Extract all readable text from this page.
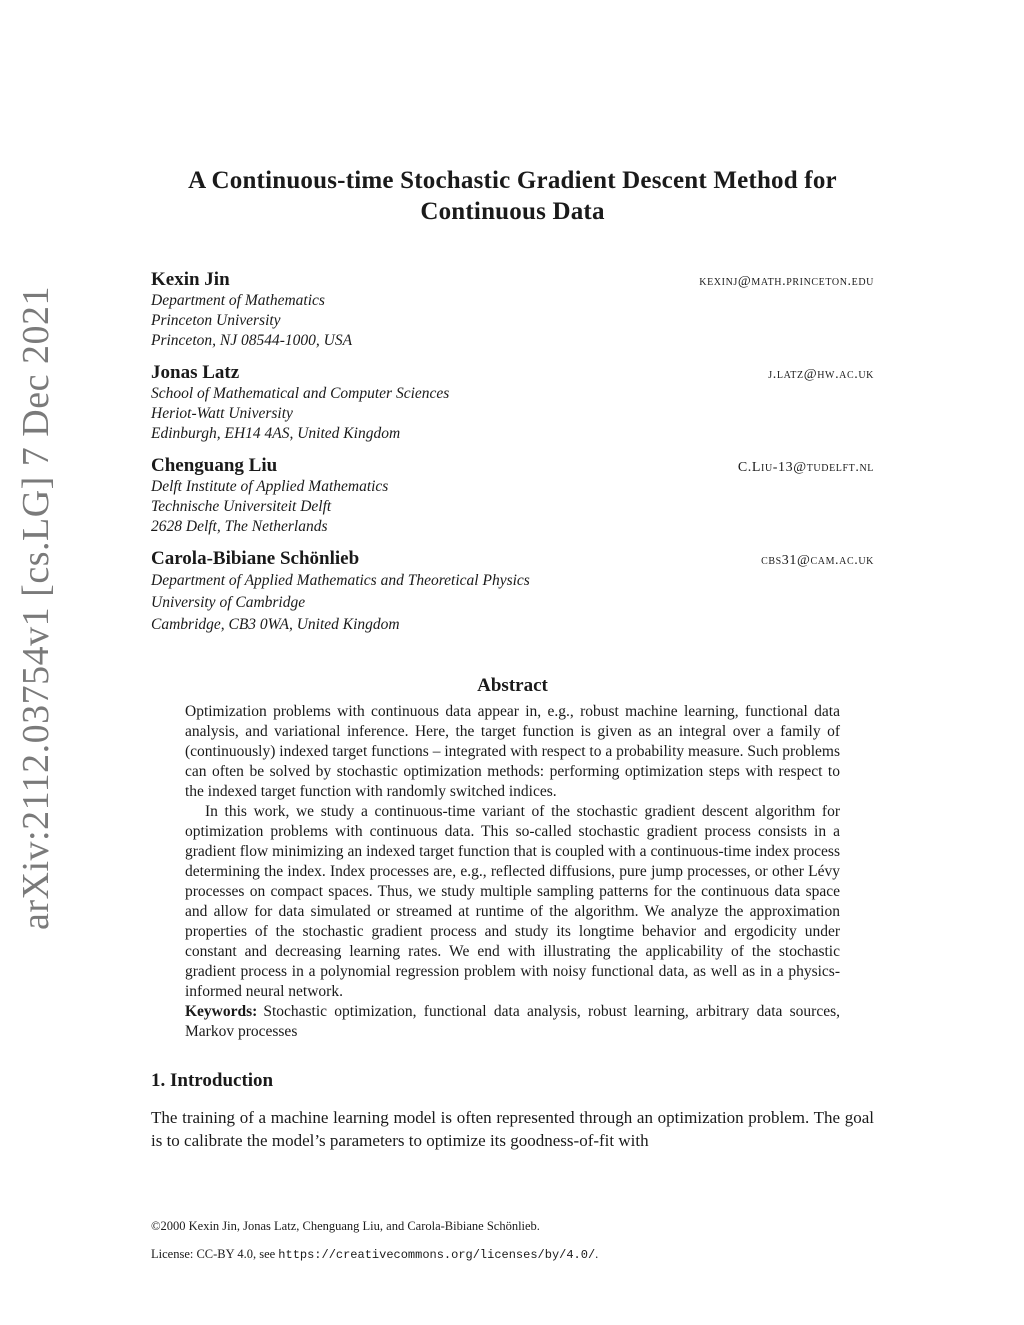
arXiv:2112.03754v1 [cs.LG] 7 Dec 2021
A Continuous-time Stochastic Gradient Descent Method for Continuous Data
Kexin Jin	kexinj@math.princeton.edu
Department of Mathematics
Princeton University
Princeton, NJ 08544-1000, USA
Jonas Latz	j.latz@hw.ac.uk
School of Mathematical and Computer Sciences
Heriot-Watt University
Edinburgh, EH14 4AS, United Kingdom
Chenguang Liu	C.Liu-13@tudelft.nl
Delft Institute of Applied Mathematics
Technische Universiteit Delft
2628 Delft, The Netherlands
Carola-Bibiane Schönlieb	cbs31@cam.ac.uk
Department of Applied Mathematics and Theoretical Physics
University of Cambridge
Cambridge, CB3 0WA, United Kingdom
Abstract

Optimization problems with continuous data appear in, e.g., robust machine learning, functional data analysis, and variational inference. Here, the target function is given as an integral over a family of (continuously) indexed target functions – integrated with respect to a probability measure. Such problems can often be solved by stochastic optimization methods: performing optimization steps with respect to the indexed target function with randomly switched indices.

In this work, we study a continuous-time variant of the stochastic gradient descent algorithm for optimization problems with continuous data. This so-called stochastic gradient process consists in a gradient flow minimizing an indexed target function that is coupled with a continuous-time index process determining the index. Index processes are, e.g., reflected diffusions, pure jump processes, or other Lévy processes on compact spaces. Thus, we study multiple sampling patterns for the continuous data space and allow for data simulated or streamed at runtime of the algorithm. We analyze the approximation properties of the stochastic gradient process and study its longtime behavior and ergodicity under constant and decreasing learning rates. We end with illustrating the applicability of the stochastic gradient process in a polynomial regression problem with noisy functional data, as well as in a physics-informed neural network.

Keywords: Stochastic optimization, functional data analysis, robust learning, arbitrary data sources, Markov processes

1. Introduction

The training of a machine learning model is often represented through an optimization problem. The goal is to calibrate the model’s parameters to optimize its goodness-of-fit with

©2000 Kexin Jin, Jonas Latz, Chenguang Liu, and Carola-Bibiane Schönlieb.
License: CC-BY 4.0, see https://creativecommons.org/licenses/by/4.0/.
